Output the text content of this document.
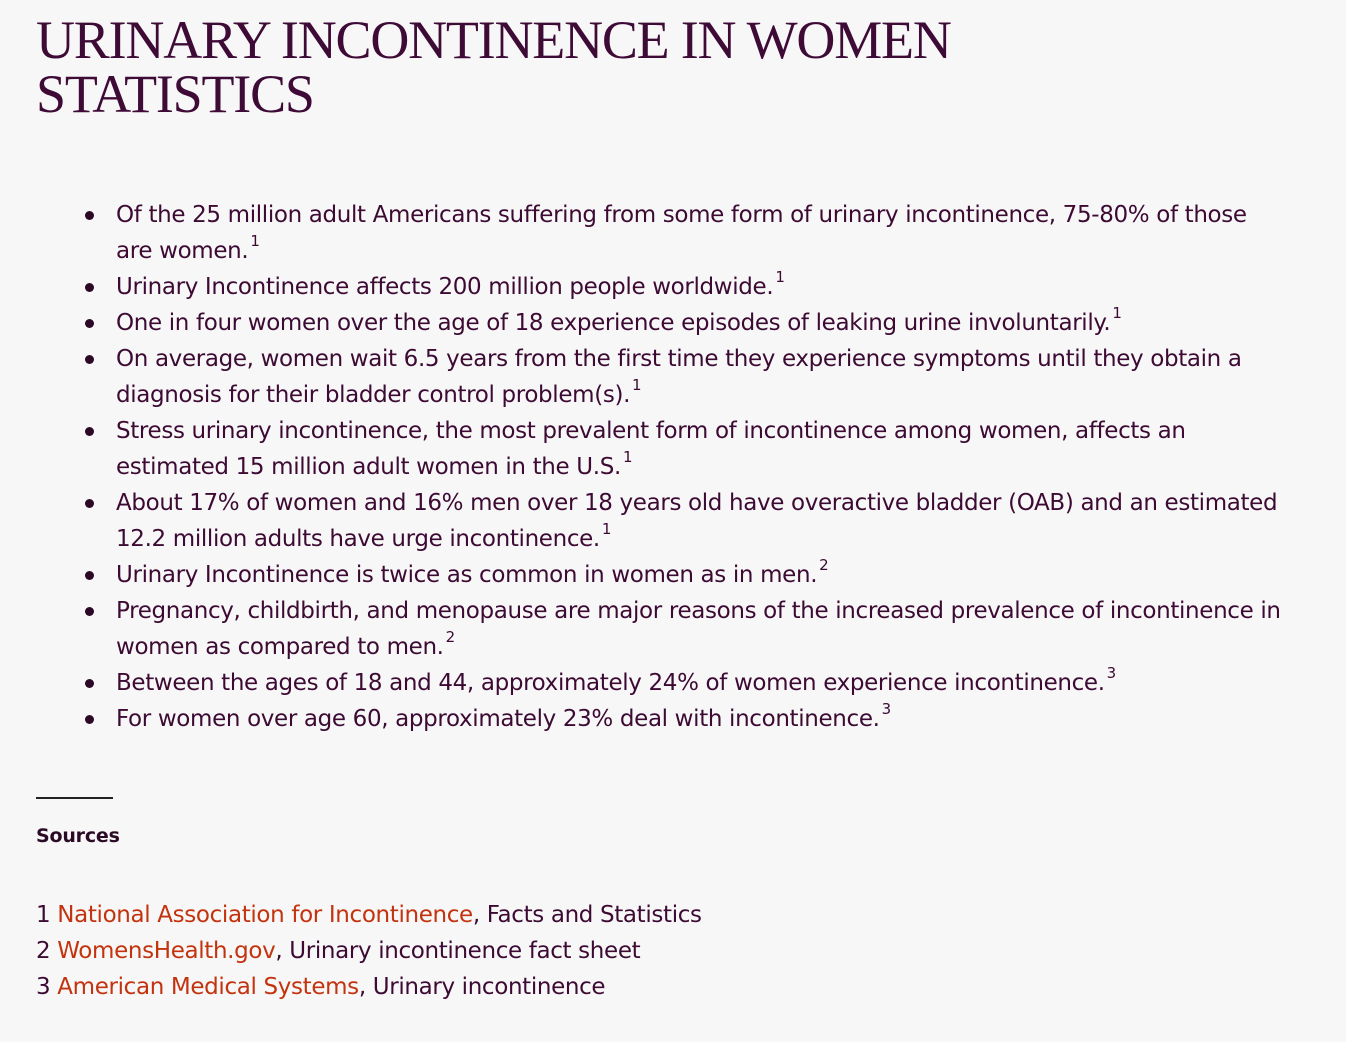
URINARY INCONTINENCE IN WOMEN STATISTICS
Of the 25 million adult Americans suffering from some form of urinary incontinence, 75-80% of those are women. $^1$
Urinary Incontinence affects 200 million people worldwide. $^1$
One in four women over the age of 18 experience episodes of leaking urine involuntarily. $^1$
On average, women wait 6.5 years from the first time they experience symptoms until they obtain a diagnosis for their bladder control problem(s). $^1$
Stress urinary incontinence, the most prevalent form of incontinence among women, affects an estimated 15 million adult women in the U.S. $^1$
About 17% of women and 16% men over 18 years old have overactive bladder (OAB) and an estimated 12.2 million adults have urge incontinence. $^1$
Urinary Incontinence is twice as common in women as in men. $^2$
Pregnancy, childbirth, and menopause are major reasons of the increased prevalence of incontinence in women as compared to men. $^2$
Between the ages of 18 and 44, approximately 24% of women experience incontinence. $^3$
For women over age 60, approximately 23% deal with incontinence. $^3$

Sources

1 National Association for Incontinence, Facts and Statistics
2 WomensHealth.gov, Urinary incontinence fact sheet
3 American Medical Systems, Urinary incontinence
